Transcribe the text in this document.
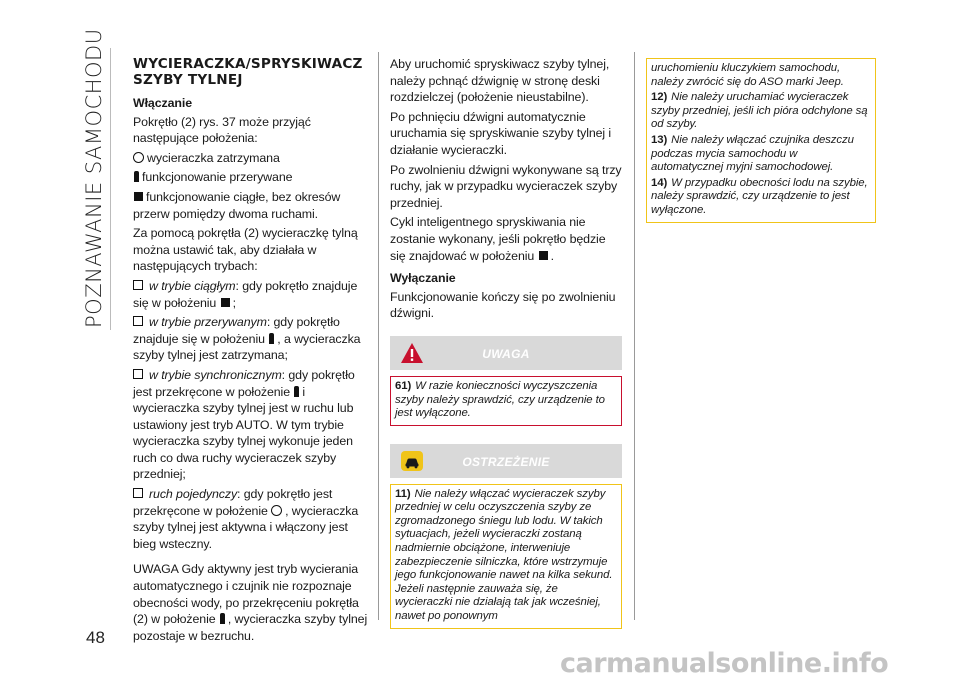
POZNAWANIE SAMOCHODU
48
WYCIERACZKA/SPRYSKIWACZ
SZYBY TYLNEJ
Włączanie

Pokrętło (2) rys. 37 może przyjąć następujące położenia:

wycieraczka zatrzymana

funkcjonowanie przerywane

funkcjonowanie ciągłe, bez okresów przerw pomiędzy dwoma ruchami.

Za pomocą pokrętła (2) wycieraczkę tylną można ustawić tak, aby działała w następujących trybach:

w trybie ciągłym: gdy pokrętło znajduje się w położeniu ;

w trybie przerywanym: gdy pokrętło znajduje się w położeniu , a wycieraczka szyby tylnej jest zatrzymana;

w trybie synchronicznym: gdy pokrętło jest przekręcone w położenie i wycieraczka szyby tylnej jest w ruchu lub ustawiony jest tryb AUTO. W tym trybie wycieraczka szyby tylnej wykonuje jeden ruch co dwa ruchy wycieraczek szyby przedniej;

ruch pojedynczy: gdy pokrętło jest przekręcone w położenie , wycieraczka szyby tylnej jest aktywna i włączony jest bieg wsteczny.

UWAGA Gdy aktywny jest tryb wycierania automatycznego i czujnik nie rozpoznaje obecności wody, po przekręceniu pokrętła (2) w położenie , wycieraczka szyby tylnej pozostaje w bezruchu.

Aby uruchomić spryskiwacz szyby tylnej, należy pchnąć dźwignię w stronę deski rozdzielczej (położenie nieustabilne).

Po pchnięciu dźwigni automatycznie uruchamia się spryskiwanie szyby tylnej i działanie wycieraczki.

Po zwolnieniu dźwigni wykonywane są trzy ruchy, jak w przypadku wycieraczek szyby przedniej.

Cykl inteligentnego spryskiwania nie zostanie wykonany, jeśli pokrętło będzie się znajdować w położeniu .

Wyłączanie

Funkcjonowanie kończy się po zwolnieniu dźwigni.

UWAGA
61) W razie konieczności wyczyszczenia szyby należy sprawdzić, czy urządzenie to jest wyłączone.
OSTRZEŻENIE
11) Nie należy włączać wycieraczek szyby przedniej w celu oczyszczenia szyby ze zgromadzonego śniegu lub lodu. W takich sytuacjach, jeżeli wycieraczki zostaną nadmiernie obciążone, interweniuje zabezpieczenie silniczka, które wstrzymuje jego funkcjonowanie nawet na kilka sekund. Jeżeli następnie zauważa się, że wycieraczki nie działają tak jak wcześniej, nawet po ponownym
uruchomieniu kluczykiem samochodu, należy zwrócić się do ASO marki Jeep.
12) Nie należy uruchamiać wycieraczek szyby przedniej, jeśli ich pióra odchylone są od szyby.
13) Nie należy włączać czujnika deszczu podczas mycia samochodu w automatycznej myjni samochodowej.
14) W przypadku obecności lodu na szybie, należy sprawdzić, czy urządzenie to jest wyłączone.
carmanualsonline.info
